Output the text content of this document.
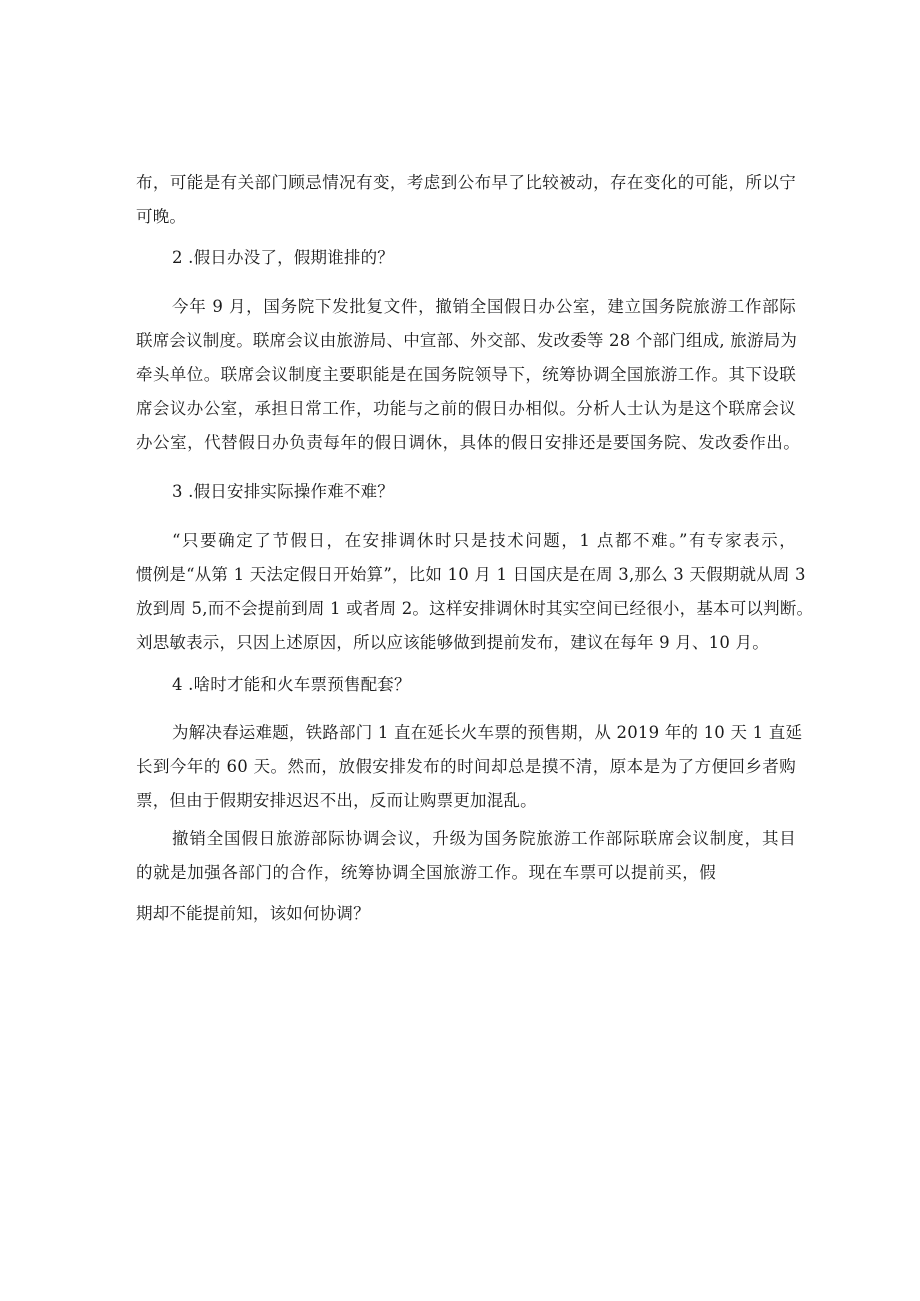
布，可能是有关部门顾忌情况有变，考虑到公布早了比较被动，存在变化的可能，所以宁
可晚。
2 .假日办没了，假期谁排的？
今年 9 月，国务院下发批复文件，撤销全国假日办公室，建立国务院旅游工作部际
联席会议制度。联席会议由旅游局、中宣部、外交部、发改委等 28 个部门组成, 旅游局为
牵头单位。联席会议制度主要职能是在国务院领导下，统筹协调全国旅游工作。其下设联
席会议办公室，承担日常工作，功能与之前的假日办相似。分析人士认为是这个联席会议
办公室，代替假日办负责每年的假日调休，具体的假日安排还是要国务院、发改委作出。
3 .假日安排实际操作难不难？
“只要确定了节假日，在安排调休时只是技术问题，1 点都不难。”有专家表示，
惯例是“从第 1 天法定假日开始算”，比如 10 月 1 日国庆是在周 3,那么 3 天假期就从周 3
放到周 5,而不会提前到周 1 或者周 2。这样安排调休时其实空间已经很小，基本可以判断。
刘思敏表示，只因上述原因，所以应该能够做到提前发布，建议在每年 9 月、10 月。
4 .啥时才能和火车票预售配套？
为解决春运难题，铁路部门 1 直在延长火车票的预售期，从 2019 年的 10 天 1 直延
长到今年的 60 天。然而，放假安排发布的时间却总是摸不清，原本是为了方便回乡者购
票，但由于假期安排迟迟不出，反而让购票更加混乱。
撤销全国假日旅游部际协调会议，升级为国务院旅游工作部际联席会议制度，其目
的就是加强各部门的合作，统筹协调全国旅游工作。现在车票可以提前买，假
期却不能提前知，该如何协调？
